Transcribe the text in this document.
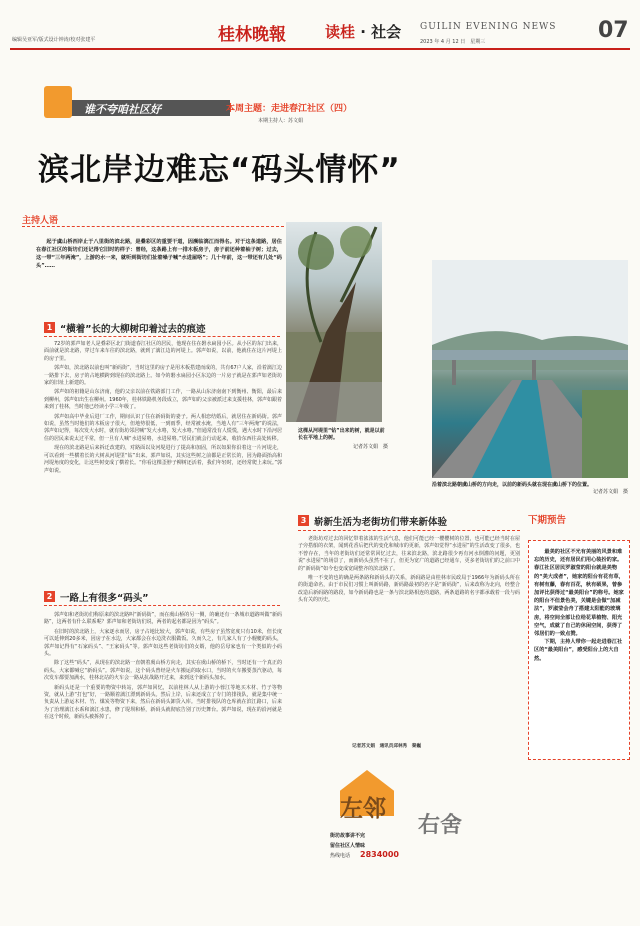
编辑吴亚军/版式设计钟涛/校对张建平	桂林晚報	读桂 · 社会 GUILIN EVENING NEWS
2023 年 4 月 12 日　星期三	07
谁不夸咱社区好	本周主题：走进春江社区（四）
本期主持人：苏文娟
滨北岸边难忘“码头情怀”
主持人语
起于虞山桥西岸止于八里街的滨北路，是叠彩区的重要干道，因濒临漓江而得名。对于这条道路，居住在春江社区的街坊们还记得它旧时的样子：曾经，这条路上有一排木板房子，房子前还种着柚子树；过去，这一带“三年两淹”，上游的水一来，就听到街坊们扯着嗓子喊“水进屋咯”；几十年前，这一带还有几处“码头”……
1 “横着”长的大柳树印着过去的痕迹

72岁的郭声如老人是叠彩区北门街道春江社区的居民，他现在住在磐水扁园小区。从小区的东门出来，面前就是滨北路，穿过车来车往的滨北路，就到了漓江边的河堤上。郭声如说，以前，他就住在这片河堤上的房子里。

郭声如，滨北路以前也叫“新码街”，当时这里的房子是用木板搭建而成的，共有67户人家，沿着漓江边一路排下去，房子的占地横跨到现在的滨北路上。如今的磐水扁园小区东边的一片房子就是在郭声如老街坊家的旧址上新建的。

郭声如的祖籍是山东济南，他的父亲以前在铁路部门工作，一路从山东济南南下到衡州、衡阳，最后来到柳州，郭声如出生在柳州。1960年，桂林铁路机务段成立，郭声如的父亲被派过来支援桂林，郭声如跟着来到了桂林，当时他已经读小学三年级了。

郭声如高中毕业后进厂工作，期间认识了住在新码街的妻子。两人相恋结婚后，就居住在新码街。郭声如说，虽然当时他们的木板房子很大，但地势很低，一到雨季，经常被水淹，当地人有“三年两淹”的说法，郭声如记得，每次发大水时，就有街坊邻居喊“发大水咯，发大水咯。”但通常没有人慌慌，遇大水时下沿河居住的居民来说太过平常，但一旦有人喊“水进屋咯，水进屋咯。”居民们就会行动起来，收拾东西往高处转移。

现在的滨北路是后来拆迁改建的，对路面以及河堤进行了提高和加固，所以如果你沿着这一片河堤走，可以看到一些横着长的大树从河堤里“钻”出来。郭声如说，其实这些树之前都是正常长的，因为路面抬高和河堤角度的变化，让这些树变成了横着长。“你看这棵歪脖子柳树还活着，我们年轻时，还经常爬上来玩。”郭声如说。

2 一路上有很多“码头”

郭声如和老街坊们称原来的滨北路叫“新码街”，而在虞山桥的另一侧，的确还有一条城市道路叫做“新码路”，这两者有什么联系呢？郭声如和老街坊们说，两者的起名都是因为“码头”。

在旧时的滨北路上，大家逐水而居，房子占地比较大，郭声如说，有些房子虽然宽度只有10米，但长度可以延伸到20多米，因房子在水边，大家都会在水边洗衣服做饭。久而久之，有几家人有了小舰艇的码头，郭声如记得有“石家码头”、“王家码头”等。郭声如这些老街坊们的女婿，他的岳母家也有一个类似的小码头。

除了这些“码头”，从现在的滨北路一直朝着虞山桥方向走，其实在虞山桥的桥下，当时还有一个真正的码头，大家都喊它“新码头”。郭声如说，这个码头曾经是火车搬运的取水口，当时的火车搬要蒸汽驱动，每次发车都要加满水，桂林北站的火车会一路从抗战路开过来，来到这个新码头加水。

新码头还是一个重要的物资中转站，郭声如回忆，以前桂林人从上游的小蓉江等地买木材、竹子等物资，就从上游“打包”好，一路顺着漓江漂到新码头。然后上岸，后来还成立了专门的排筏队，就是集中统一负责从上游运木材、竹、煤炭等物资下来，然后在新码头卸货入库。当时排筏队的仓库就在滨江路口，后来为了治理漓江水系和漓江水患，修了堤坝和桥，新码头就彻底告别了历史舞台。郭声如说，现在的沿河就是在这个时候，新码头被拆掉了。

这棵从河堤里“钻”出来的树，就是以前长在平地上的树。
记者苏文娟　摄
沿着滨北路朝虞山桥的方向走，以前的新码头就在现在虞山桥下的位置。
记者苏文娟　摄
3 崭新生活为老街坊们带来新体验

老街坊对过去的回忆带着浓浓的生活气息，他们可能已经一樱樱树的位置，也可能已经当时在屋子旁搭船的衣架，闻到花香后把代的变化和城市的更新，郭声如觉得“水进屋”的生活改变了很多，也不曾存在，当年的老街坊们还常常回忆过去，往来滨北路，滨北路很少再有河水倒灌的问题，更别说“水进屋”的场景了，而新码头虽然不在了，但更为宽广的道路已经通车，更多老街坊们的之前口中的“新码街”如今也变成宽阔整齐的滨北路了。

唯一不变的也的确是两条路和新码头的关系，新码路是由桂林市民政局于1966年为新码头所在的街道命名，由于市民们习惯上叫新码路，新码路最初的名字是“新码街”，后来改称为北向，经整合改造后新码路的路段，如今新码路也是一条与滨北路相连的道路，两条道路的名字都承载着一段与码头有关的历史。

记者苏文娟　通讯员邱林秀　秦巍
下期预告
最美的社区不光有美丽的风景和难忘的历史，还有居民们用心装扮的家。春江社区居民罗淑莹的阳台就是美物的“美大成者”，她家的阳台有花有草，有树有藤，春有百花，秋有硕果，曾参加评比获得过“最美阳台”的称号。她家的阳台不但景色美，关键是会做“加减法”，罗淑莹会舟了搭建太阳能的玻璃房，将空间全部让位给花草植物、阳光空气，成就了自己的休闲空间，获得了邻居们的一致点赞。
下期，主持人带你一起走进春江社区的“最美阳台”，感受阳台上的大自然。
左邻
右舍
街坊故事讲不完
留住社区人情味
热线电话 2834000
